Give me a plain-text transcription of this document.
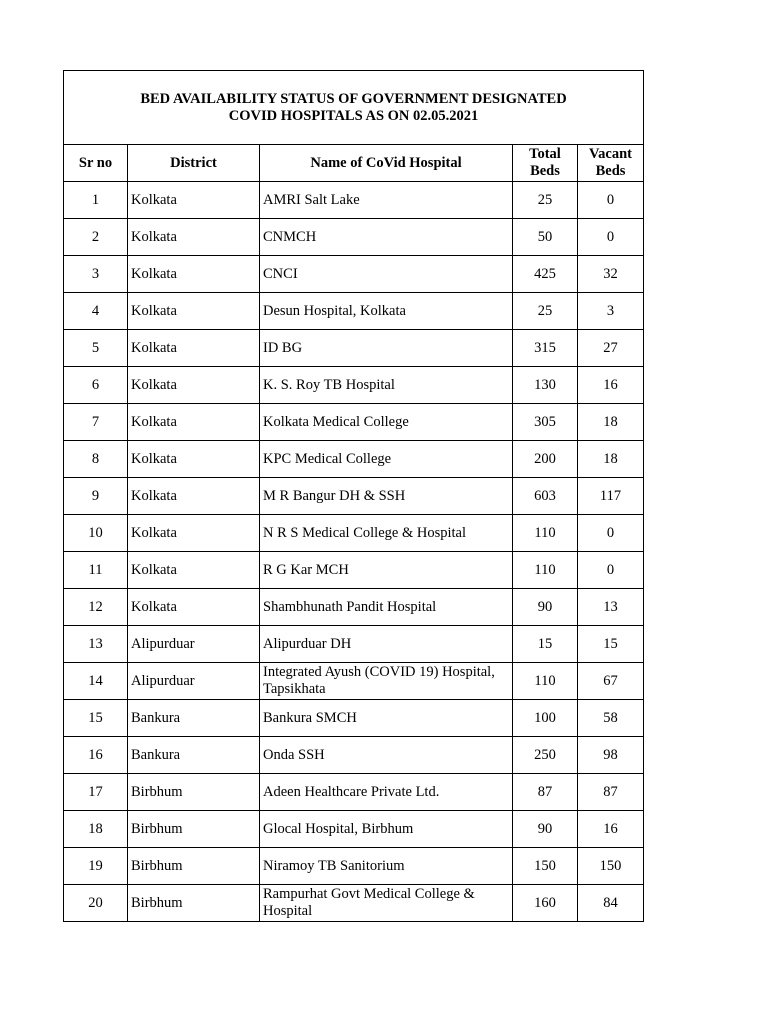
BED AVAILABILITY STATUS OF GOVERNMENT DESIGNATED
COVID HOSPITALS AS ON 02.05.2021				

Sr no	District	Name of CoVid Hospital	Total Beds	Vacant Beds
1	Kolkata	AMRI Salt Lake	25	0
2	Kolkata	CNMCH	50	0
3	Kolkata	CNCI	425	32
4	Kolkata	Desun Hospital, Kolkata	25	3
5	Kolkata	ID BG	315	27
6	Kolkata	K. S. Roy TB Hospital	130	16
7	Kolkata	Kolkata Medical College	305	18
8	Kolkata	KPC Medical College	200	18
9	Kolkata	M R Bangur DH & SSH	603	117
10	Kolkata	N R S Medical College & Hospital	110	0
11	Kolkata	R G Kar MCH	110	0
12	Kolkata	Shambhunath Pandit Hospital	90	13
13	Alipurduar	Alipurduar DH	15	15
14	Alipurduar	Integrated Ayush (COVID 19) Hospital, Tapsikhata	110	67
15	Bankura	Bankura SMCH	100	58
16	Bankura	Onda SSH	250	98
17	Birbhum	Adeen Healthcare Private Ltd.	87	87
18	Birbhum	Glocal Hospital, Birbhum	90	16
19	Birbhum	Niramoy TB Sanitorium	150	150
20	Birbhum	Rampurhat Govt Medical College & Hospital	160	84
